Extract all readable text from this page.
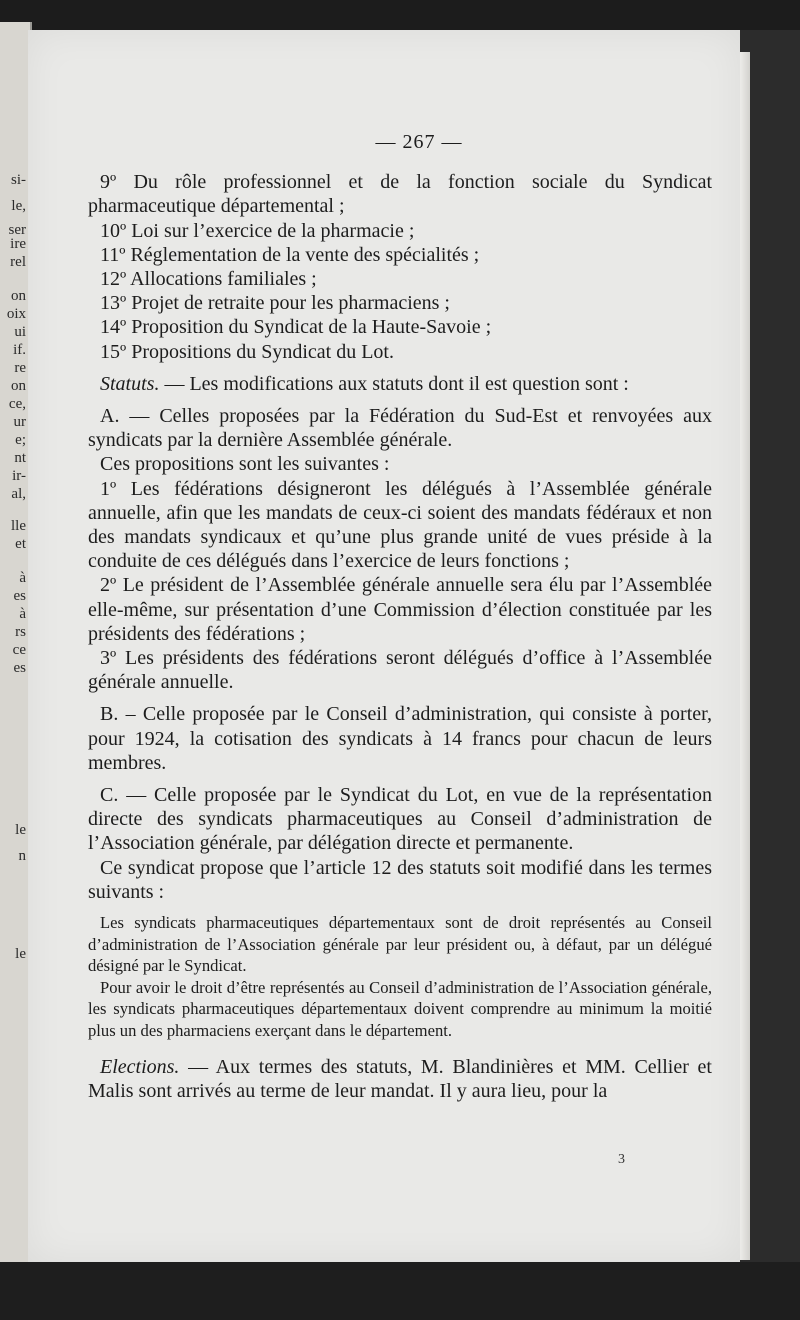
si-
le,
ser
ire
rel
on
oix
ui
if.
re
on
ce,
ur
e;
nt
ir-
al,
lle
et
à
es
à
rs
ce
es
le
n
le
— 267 —

9º Du rôle professionnel et de la fonction sociale du Syndicat pharmaceutique départemental ;

10º Loi sur l’exercice de la pharmacie ;

11º Réglementation de la vente des spécialités ;

12º Allocations familiales ;

13º Projet de retraite pour les pharmaciens ;

14º Proposition du Syndicat de la Haute-Savoie ;

15º Propositions du Syndicat du Lot.

Statuts. — Les modifications aux statuts dont il est question sont :

A. — Celles proposées par la Fédération du Sud-Est et renvoyées aux syndicats par la dernière Assemblée générale.

Ces propositions sont les suivantes :

1º Les fédérations désigneront les délégués à l’Assemblée générale annuelle, afin que les mandats de ceux-ci soient des mandats fédéraux et non des mandats syndicaux et qu’une plus grande unité de vues préside à la conduite de ces délégués dans l’exercice de leurs fonctions ;

2º Le président de l’Assemblée générale annuelle sera élu par l’Assemblée elle-même, sur présentation d’une Commission d’élection constituée par les présidents des fédérations ;

3º Les présidents des fédérations seront délégués d’office à l’Assemblée générale annuelle.

B. – Celle proposée par le Conseil d’administration, qui consiste à porter, pour 1924, la cotisation des syndicats à 14 francs pour chacun de leurs membres.

C. — Celle proposée par le Syndicat du Lot, en vue de la représentation directe des syndicats pharmaceutiques au Conseil d’administration de l’Association générale, par délégation directe et permanente.

Ce syndicat propose que l’article 12 des statuts soit modifié dans les termes suivants :

Les syndicats pharmaceutiques départementaux sont de droit représentés au Conseil d’administration de l’Association générale par leur président ou, à défaut, par un délégué désigné par le Syndicat.

Pour avoir le droit d’être représentés au Conseil d’administration de l’Association générale, les syndicats pharmaceutiques départementaux doivent comprendre au minimum la moitié plus un des pharmaciens exerçant dans le département.

Elections. — Aux termes des statuts, M. Blandinières et MM. Cellier et Malis sont arrivés au terme de leur mandat. Il y aura lieu, pour la

3
